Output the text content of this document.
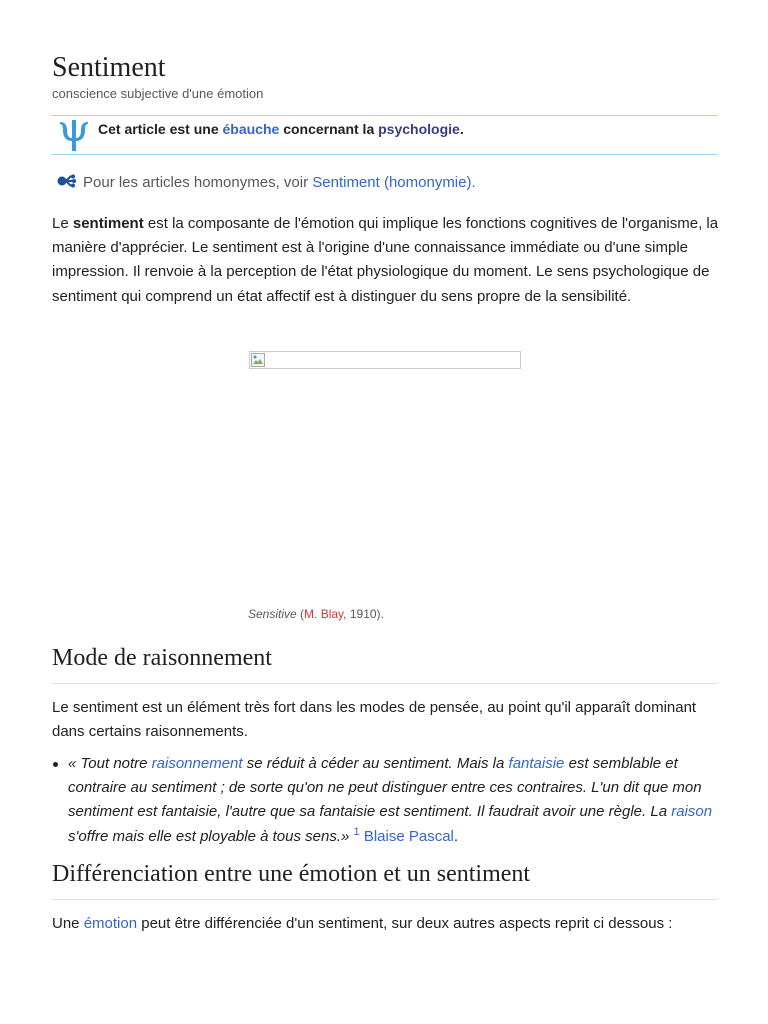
Sentiment
conscience subjective d'une émotion
Cet article est une ébauche concernant la psychologie.
Pour les articles homonymes, voir Sentiment (homonymie).

Le sentiment est la composante de l'émotion qui implique les fonctions cognitives de l'organisme, la manière d'apprécier. Le sentiment est à l'origine d'une connaissance immédiate ou d'une simple impression. Il renvoie à la perception de l'état physiologique du moment. Le sens psychologique de sentiment qui comprend un état affectif est à distinguer du sens propre de la sensibilité.

Sensitive (M. Blay, 1910).
Mode de raisonnement

Le sentiment est un élément très fort dans les modes de pensée, au point qu'il apparaît dominant dans certains raisonnements.

« Tout notre raisonnement se réduit à céder au sentiment. Mais la fantaisie est semblable et contraire au sentiment ; de sorte qu'on ne peut distinguer entre ces contraires. L'un dit que mon sentiment est fantaisie, l'autre que sa fantaisie est sentiment. Il faudrait avoir une règle. La raison s'offre mais elle est ployable à tous sens.» $^1$ Blaise Pascal.
Différenciation entre une émotion et un sentiment

Une émotion peut être différenciée d'un sentiment, sur deux autres aspects reprit ci dessous :
